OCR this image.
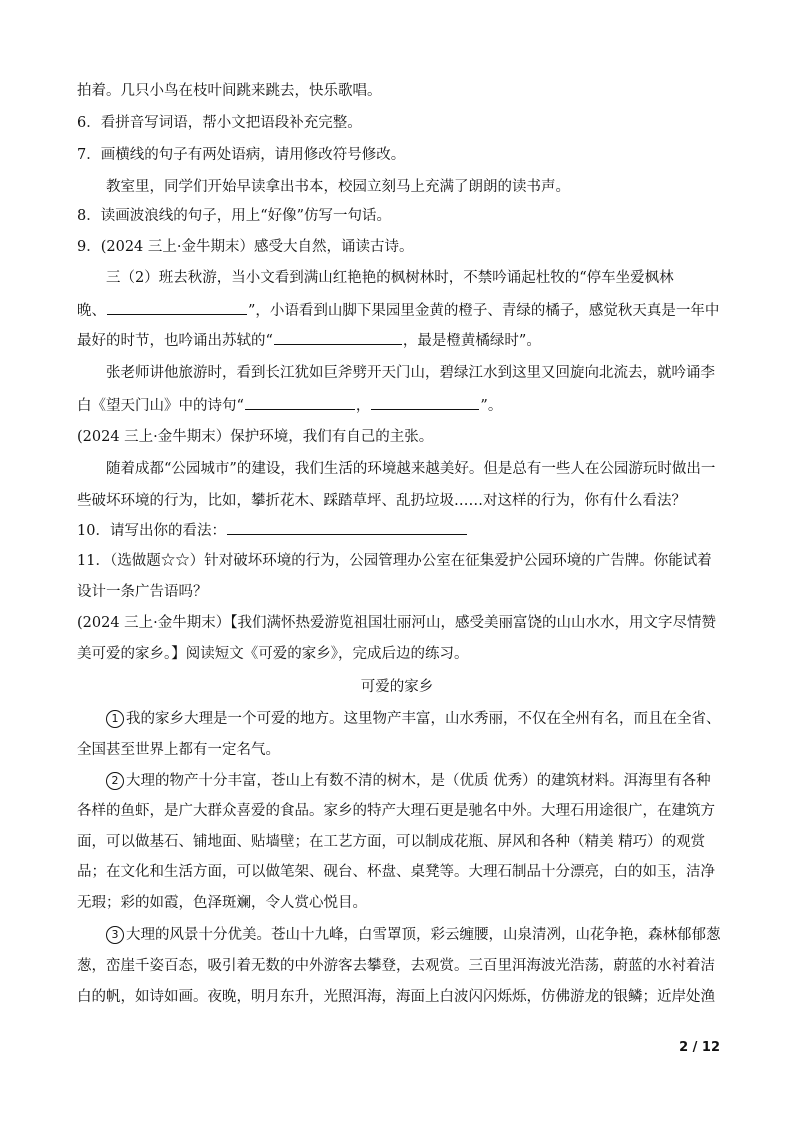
拍着。几只小鸟在枝叶间跳来跳去，快乐歌唱。
6．看拼音写词语，帮小文把语段补充完整。
7．画横线的句子有两处语病，请用修改符号修改。
教室里，同学们开始早读拿出书本，校园立刻马上充满了朗朗的读书声。
8．读画波浪线的句子，用上“好像”仿写一句话。
9．(2024 三上·金牛期末）感受大自然，诵读古诗。
三（2）班去秋游，当小文看到满山红艳艳的枫树林时，不禁吟诵起杜牧的“停车坐爱枫林
晚、	”，小语看到山脚下果园里金黄的橙子、青绿的橘子，感觉秋天真是一年中
最好的时节，也吟诵出苏轼的“	，最是橙黄橘绿时”。
张老师讲他旅游时，看到长江犹如巨斧劈开天门山，碧绿江水到这里又回旋向北流去，就吟诵李
白《望天门山》中的诗句“	，	”。
(2024 三上·金牛期末）保护环境，我们有自己的主张。
随着成都“公园城市”的建设，我们生活的环境越来越美好。但是总有一些人在公园游玩时做出一
些破坏环境的行为，比如，攀折花木、踩踏草坪、乱扔垃圾……对这样的行为，你有什么看法？
10．请写出你的看法：
11．（选做题☆☆）针对破坏环境的行为，公园管理办公室在征集爱护公园环境的广告牌。你能试着
设计一条广告语吗？
(2024 三上·金牛期末）【我们满怀热爱游览祖国壮丽河山，感受美丽富饶的山山水水，用文字尽情赞
美可爱的家乡。】阅读短文《可爱的家乡》，完成后边的练习。
可爱的家乡
1 我的家乡大理是一个可爱的地方。这里物产丰富，山水秀丽，不仅在全州有名，而且在全省、
全国甚至世界上都有一定名气。
2 大理的物产十分丰富，苍山上有数不清的树木，是（优质 优秀）的建筑材料。洱海里有各种
各样的鱼虾，是广大群众喜爱的食品。家乡的特产大理石更是驰名中外。大理石用途很广，在建筑方
面，可以做基石、铺地面、贴墙壁；在工艺方面，可以制成花瓶、屏风和各种（精美 精巧）的观赏
品；在文化和生活方面，可以做笔架、砚台、杯盘、桌凳等。大理石制品十分漂亮，白的如玉，洁净
无瑕；彩的如霞，色泽斑斓，令人赏心悦目。
3 大理的风景十分优美。苍山十九峰，白雪罩顶，彩云缠腰，山泉清冽，山花争艳，森林郁郁葱
葱，峦崖千姿百态，吸引着无数的中外游客去攀登，去观赏。三百里洱海波光浩荡，蔚蓝的水衬着洁
白的帆，如诗如画。夜晚，明月东升，光照洱海，海面上白波闪闪烁烁，仿佛游龙的银鳞；近岸处渔
2 / 12
